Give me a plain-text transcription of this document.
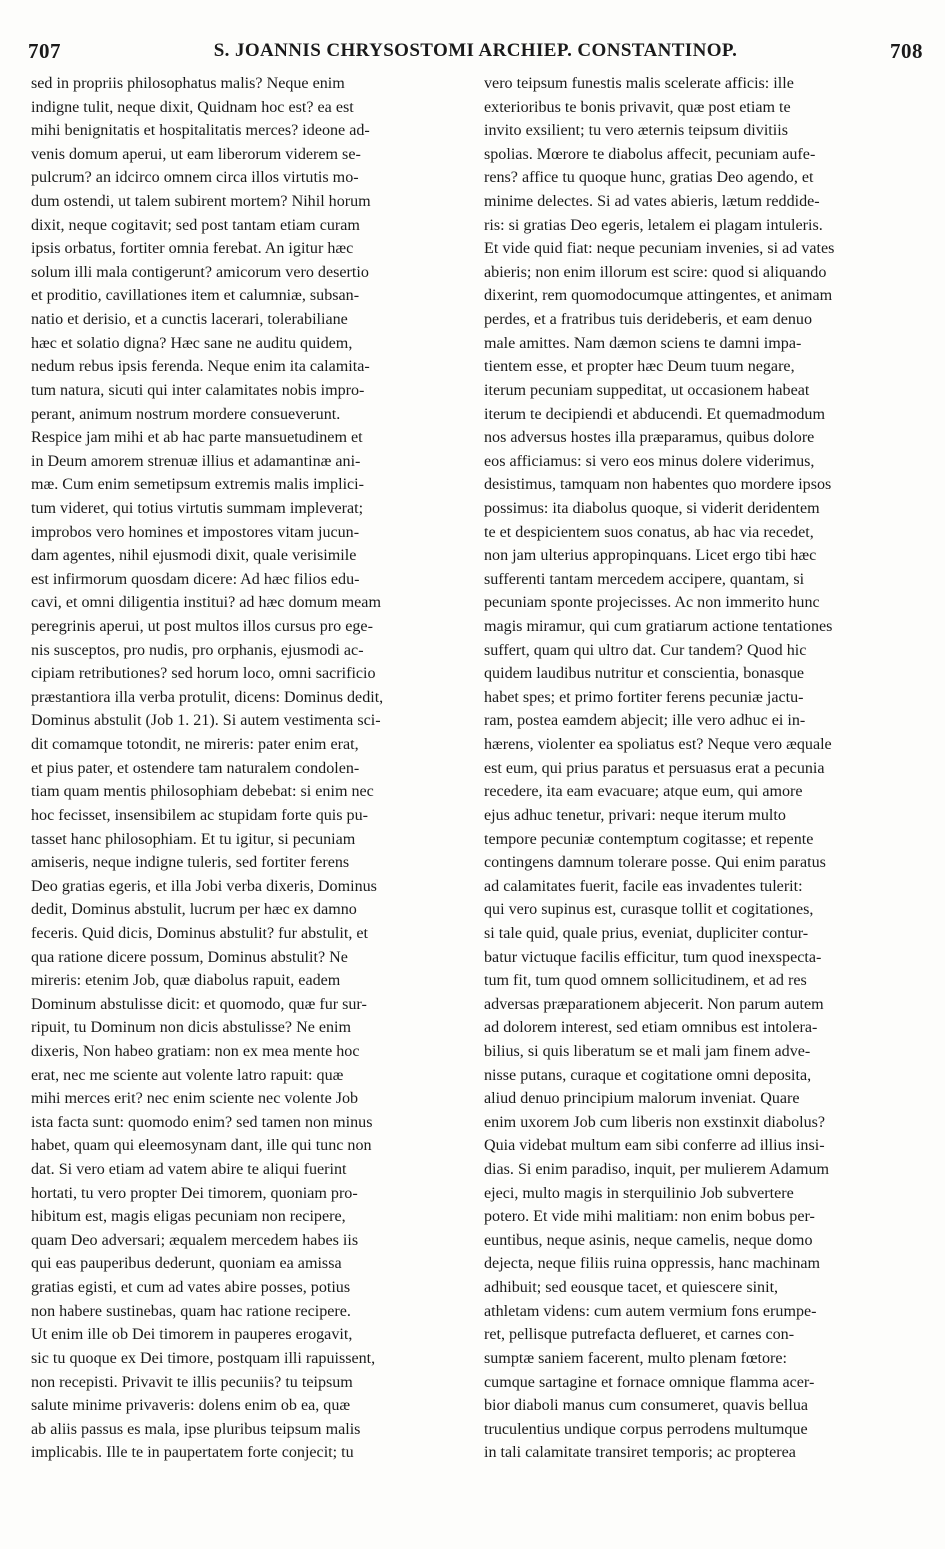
707	S. JOANNIS CHRYSOSTOMI ARCHIEP. CONSTANTINOP.	708
sed in propriis philosophatus malis? Neque enim
indigne tulit, neque dixit, Quidnam hoc est? ea est
mihi benignitatis et hospitalitatis merces? ideone ad-
venis domum aperui, ut eam liberorum viderem se-
pulcrum? an idcirco omnem circa illos virtutis mo-
dum ostendi, ut talem subirent mortem? Nihil horum
dixit, neque cogitavit; sed post tantam etiam curam
ipsis orbatus, fortiter omnia ferebat. An igitur hæc
solum illi mala contigerunt? amicorum vero desertio
et proditio, cavillationes item et calumniæ, subsan-
natio et derisio, et a cunctis lacerari, tolerabiliane
hæc et solatio digna? Hæc sane ne auditu quidem,
nedum rebus ipsis ferenda. Neque enim ita calamita-
tum natura, sicuti qui inter calamitates nobis impro-
perant, animum nostrum mordere consueverunt.
Respice jam mihi et ab hac parte mansuetudinem et
in Deum amorem strenuæ illius et adamantinæ ani-
mæ. Cum enim semetipsum extremis malis implici-
tum videret, qui totius virtutis summam impleverat;
improbos vero homines et impostores vitam jucun-
dam agentes, nihil ejusmodi dixit, quale verisimile
est infirmorum quosdam dicere: Ad hæc filios edu-
cavi, et omni diligentia institui? ad hæc domum meam
peregrinis aperui, ut post multos illos cursus pro ege-
nis susceptos, pro nudis, pro orphanis, ejusmodi ac-
cipiam retributiones? sed horum loco, omni sacrificio
præstantiora illa verba protulit, dicens: Dominus dedit,
Dominus abstulit (Job 1. 21). Si autem vestimenta sci-
dit comamque totondit, ne mireris: pater enim erat,
et pius pater, et ostendere tam naturalem condolen-
tiam quam mentis philosophiam debebat: si enim nec
hoc fecisset, insensibilem ac stupidam forte quis pu-
tasset hanc philosophiam. Et tu igitur, si pecuniam
amiseris, neque indigne tuleris, sed fortiter ferens
Deo gratias egeris, et illa Jobi verba dixeris, Dominus
dedit, Dominus abstulit, lucrum per hæc ex damno
feceris. Quid dicis, Dominus abstulit? fur abstulit, et
qua ratione dicere possum, Dominus abstulit? Ne
mireris: etenim Job, quæ diabolus rapuit, eadem
Dominum abstulisse dicit: et quomodo, quæ fur sur-
ripuit, tu Dominum non dicis abstulisse? Ne enim
dixeris, Non habeo gratiam: non ex mea mente hoc
erat, nec me sciente aut volente latro rapuit: quæ
mihi merces erit? nec enim sciente nec volente Job
ista facta sunt: quomodo enim? sed tamen non minus
habet, quam qui eleemosynam dant, ille qui tunc non
dat. Si vero etiam ad vatem abire te aliqui fuerint
hortati, tu vero propter Dei timorem, quoniam pro-
hibitum est, magis eligas pecuniam non recipere,
quam Deo adversari; æqualem mercedem habes iis
qui eas pauperibus dederunt, quoniam ea amissa
gratias egisti, et cum ad vates abire posses, potius
non habere sustinebas, quam hac ratione recipere.
Ut enim ille ob Dei timorem in pauperes erogavit,
sic tu quoque ex Dei timore, postquam illi rapuissent,
non recepisti. Privavit te illis pecuniis? tu teipsum
salute minime privaveris: dolens enim ob ea, quæ
ab aliis passus es mala, ipse pluribus teipsum malis
implicabis. Ille te in paupertatem forte conjecit; tu
vero teipsum funestis malis scelerate afficis: ille
exterioribus te bonis privavit, quæ post etiam te
invito exsilient; tu vero æternis teipsum divitiis
spolias. Mœrore te diabolus affecit, pecuniam aufe-
rens? affice tu quoque hunc, gratias Deo agendo, et
minime delectes. Si ad vates abieris, lætum reddide-
ris: si gratias Deo egeris, letalem ei plagam intuleris.
Et vide quid fiat: neque pecuniam invenies, si ad vates
abieris; non enim illorum est scire: quod si aliquando
dixerint, rem quomodocumque attingentes, et animam
perdes, et a fratribus tuis derideberis, et eam denuo
male amittes. Nam dæmon sciens te damni impa-
tientem esse, et propter hæc Deum tuum negare,
iterum pecuniam suppeditat, ut occasionem habeat
iterum te decipiendi et abducendi. Et quemadmodum
nos adversus hostes illa præparamus, quibus dolore
eos afficiamus: si vero eos minus dolere viderimus,
desistimus, tamquam non habentes quo mordere ipsos
possimus: ita diabolus quoque, si viderit deridentem
te et despicientem suos conatus, ab hac via recedet,
non jam ulterius appropinquans. Licet ergo tibi hæc
sufferenti tantam mercedem accipere, quantam, si
pecuniam sponte projecisses. Ac non immerito hunc
magis miramur, qui cum gratiarum actione tentationes
suffert, quam qui ultro dat. Cur tandem? Quod hic
quidem laudibus nutritur et conscientia, bonasque
habet spes; et primo fortiter ferens pecuniæ jactu-
ram, postea eamdem abjecit; ille vero adhuc ei in-
hærens, violenter ea spoliatus est? Neque vero æquale
est eum, qui prius paratus et persuasus erat a pecunia
recedere, ita eam evacuare; atque eum, qui amore
ejus adhuc tenetur, privari: neque iterum multo
tempore pecuniæ contemptum cogitasse; et repente
contingens damnum tolerare posse. Qui enim paratus
ad calamitates fuerit, facile eas invadentes tulerit:
qui vero supinus est, curasque tollit et cogitationes,
si tale quid, quale prius, eveniat, dupliciter contur-
batur victuque facilis efficitur, tum quod inexspecta-
tum fit, tum quod omnem sollicitudinem, et ad res
adversas præparationem abjecerit. Non parum autem
ad dolorem interest, sed etiam omnibus est intolera-
bilius, si quis liberatum se et mali jam finem adve-
nisse putans, curaque et cogitatione omni deposita,
aliud denuo principium malorum inveniat. Quare
enim uxorem Job cum liberis non exstinxit diabolus?
Quia videbat multum eam sibi conferre ad illius insi-
dias. Si enim paradiso, inquit, per mulierem Adamum
ejeci, multo magis in sterquilinio Job subvertere
potero. Et vide mihi malitiam: non enim bobus per-
euntibus, neque asinis, neque camelis, neque domo
dejecta, neque filiis ruina oppressis, hanc machinam
adhibuit; sed eousque tacet, et quiescere sinit,
athletam videns: cum autem vermium fons erumpe-
ret, pellisque putrefacta deflueret, et carnes con-
sumptæ saniem facerent, multo plenam fœtore:
cumque sartagine et fornace omnique flamma acer-
bior diaboli manus cum consumeret, quavis bellua
truculentius undique corpus perrodens multumque
in tali calamitate transiret temporis; ac propterea
